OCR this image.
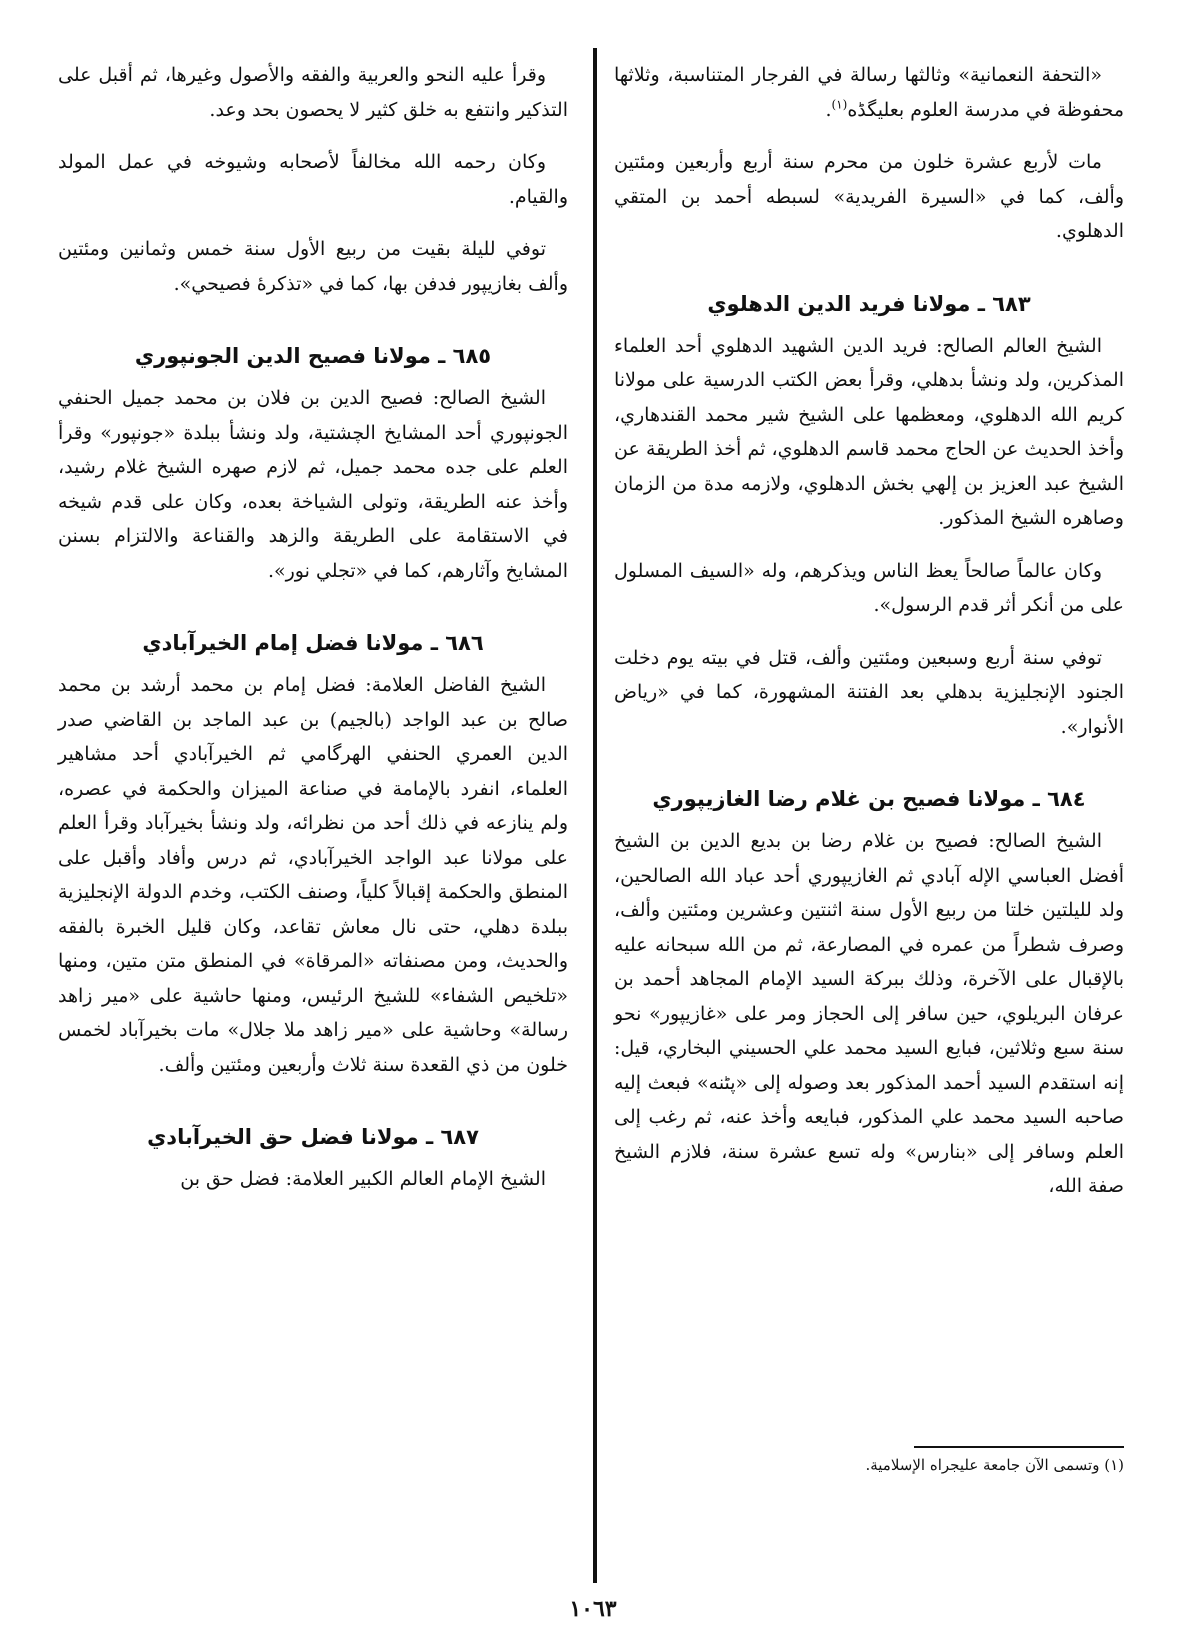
«التحفة النعمانية» وثالثها رسالة في الفرجار المتناسبة، وثلاثها محفوظة في مدرسة العلوم بعليگڈه$^{(١)}$.

مات لأربع عشرة خلون من محرم سنة أربع وأربعين ومئتين وألف، كما في «السيرة الفريدية» لسبطه أحمد بن المتقي الدهلوي.

٦٨٣ ـ مولانا فريد الدين الدهلوي

الشيخ العالم الصالح: فريد الدين الشهيد الدهلوي أحد العلماء المذكرين، ولد ونشأ بدهلي، وقرأ بعض الكتب الدرسية على مولانا كريم الله الدهلوي، ومعظمها على الشيخ شير محمد القندهاري، وأخذ الحديث عن الحاج محمد قاسم الدهلوي، ثم أخذ الطريقة عن الشيخ عبد العزيز بن إلهي بخش الدهلوي، ولازمه مدة من الزمان وصاهره الشيخ المذكور.

وكان عالماً صالحاً يعظ الناس ويذكرهم، وله «السيف المسلول على من أنكر أثر قدم الرسول».

توفي سنة أربع وسبعين ومئتين وألف، قتل في بيته يوم دخلت الجنود الإنجليزية بدهلي بعد الفتنة المشهورة، كما في «رياض الأنوار».

٦٨٤ ـ مولانا فصيح بن غلام رضا الغازيپوري

الشيخ الصالح: فصيح بن غلام رضا بن بديع الدين بن الشيخ أفضل العباسي الإله آبادي ثم الغازيپوري أحد عباد الله الصالحين، ولد لليلتين خلتا من ربيع الأول سنة اثنتين وعشرين ومئتين وألف، وصرف شطراً من عمره في المصارعة، ثم من الله سبحانه عليه بالإقبال على الآخرة، وذلك ببركة السيد الإمام المجاهد أحمد بن عرفان البريلوي، حين سافر إلى الحجاز ومر على «غازيپور» نحو سنة سبع وثلاثين، فبايع السيد محمد علي الحسيني البخاري، قيل: إنه استقدم السيد أحمد المذكور بعد وصوله إلى «پٹنه» فبعث إليه صاحبه السيد محمد علي المذكور، فبايعه وأخذ عنه، ثم رغب إلى العلم وسافر إلى «بنارس» وله تسع عشرة سنة، فلازم الشيخ صفة الله،

وقرأ عليه النحو والعربية والفقه والأصول وغيرها، ثم أقبل على التذكير وانتفع به خلق كثير لا يحصون بحد وعد.

وكان رحمه الله مخالفاً لأصحابه وشيوخه في عمل المولد والقيام.

توفي لليلة بقيت من ربيع الأول سنة خمس وثمانين ومئتين وألف بغازيپور فدفن بها، كما في «تذكرهٔ فصيحي».

٦٨٥ ـ مولانا فصيح الدين الجونپوري

الشيخ الصالح: فصيح الدين بن فلان بن محمد جميل الحنفي الجونپوري أحد المشايخ الچشتية، ولد ونشأ ببلدة «جونپور» وقرأ العلم على جده محمد جميل، ثم لازم صهره الشيخ غلام رشيد، وأخذ عنه الطريقة، وتولى الشياخة بعده، وكان على قدم شيخه في الاستقامة على الطريقة والزهد والقناعة والالتزام بسنن المشايخ وآثارهم، كما في «تجلي نور».

٦٨٦ ـ مولانا فضل إمام الخيرآبادي

الشيخ الفاضل العلامة: فضل إمام بن محمد أرشد بن محمد صالح بن عبد الواجد (بالجيم) بن عبد الماجد بن القاضي صدر الدين العمري الحنفي الهرگامي ثم الخيرآبادي أحد مشاهير العلماء، انفرد بالإمامة في صناعة الميزان والحكمة في عصره، ولم ينازعه في ذلك أحد من نظرائه، ولد ونشأ بخيرآباد وقرأ العلم على مولانا عبد الواجد الخيرآبادي، ثم درس وأفاد وأقبل على المنطق والحكمة إقبالاً كلياً، وصنف الكتب، وخدم الدولة الإنجليزية ببلدة دهلي، حتى نال معاش تقاعد، وكان قليل الخبرة بالفقه والحديث، ومن مصنفاته «المرقاة» في المنطق متن متين، ومنها «تلخيص الشفاء» للشيخ الرئيس، ومنها حاشية على «مير زاهد رسالة» وحاشية على «مير زاهد ملا جلال» مات بخيرآباد لخمس خلون من ذي القعدة سنة ثلاث وأربعين ومئتين وألف.

٦٨٧ ـ مولانا فضل حق الخيرآبادي

الشيخ الإمام العالم الكبير العلامة: فضل حق بن

(١) وتسمى الآن جامعة عليجراه الإسلامية.
١٠٦٣
